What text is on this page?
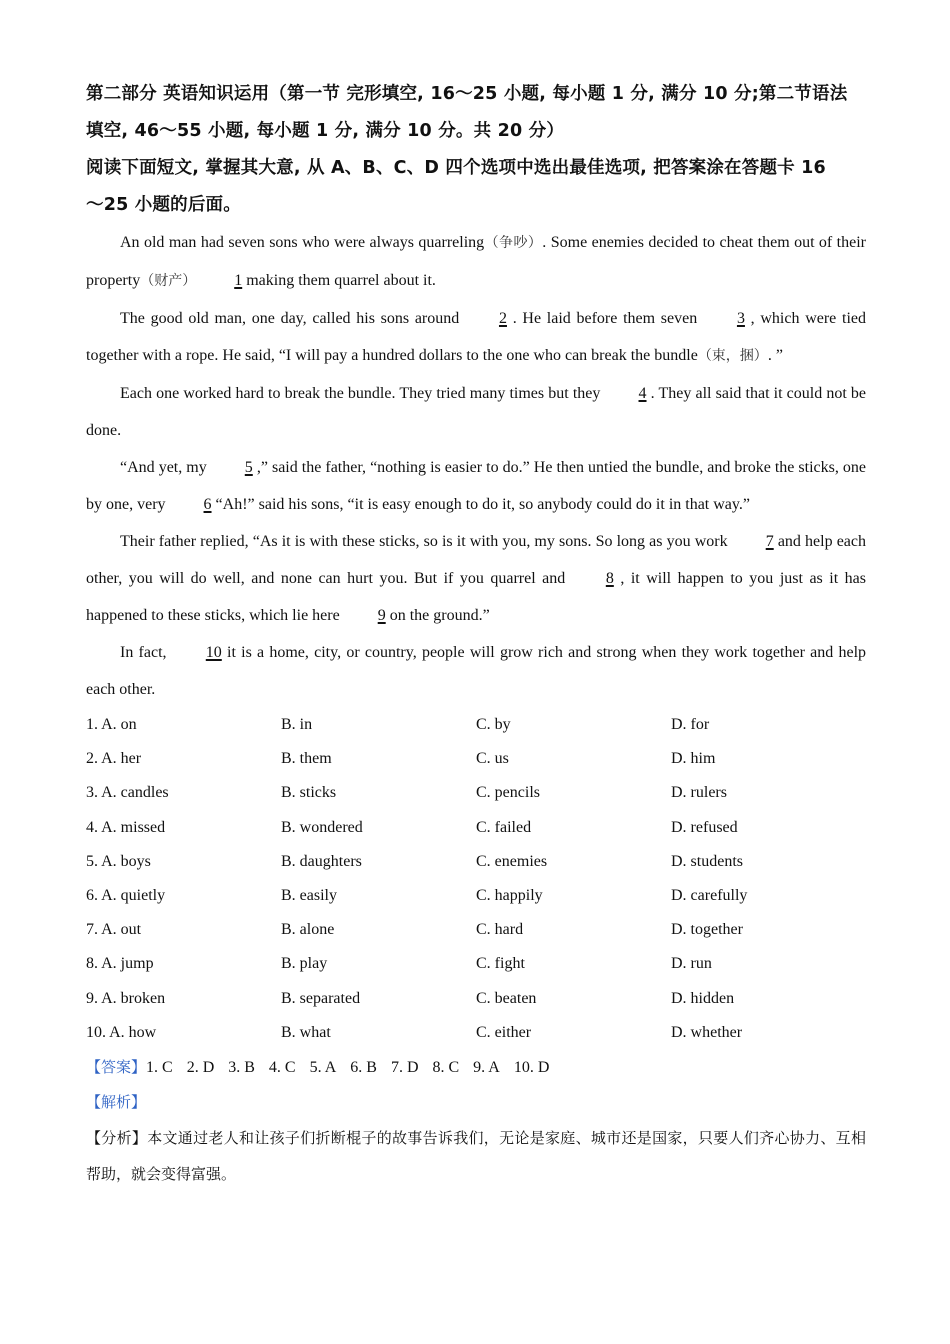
第二部分 英语知识运用（第一节 完形填空, 16～25 小题, 每小题 1 分, 满分 10 分;第二节语法

填空, 46～55 小题, 每小题 1 分, 满分 10 分。共 20 分）

阅读下面短文, 掌握其大意, 从 A、B、C、D 四个选项中选出最佳选项, 把答案涂在答题卡 16

～25 小题的后面。

An old man had seven sons who were always quarreling（争吵）. Some enemies decided to cheat them out of their property（财产） 1 making them quarrel about it.

The good old man, one day, called his sons around 2 . He laid before them seven 3 , which were tied together with a rope. He said, “I will pay a hundred dollars to the one who can break the bundle（束，捆）. ”

Each one worked hard to break the bundle. They tried many times but they 4 . They all said that it could not be done.

“And yet, my 5 ,” said the father, “nothing is easier to do.” He then untied the bundle, and broke the sticks, one by one, very 6 “Ah!” said his sons, “it is easy enough to do it, so anybody could do it in that way.”

Their father replied, “As it is with these sticks, so is it with you, my sons. So long as you work 7 and help each other, you will do well, and none can hurt you. But if you quarrel and	8 , it will happen to you just as it has happened to these sticks, which lie here 9 on the ground.”

In fact, 10 it is a home, city, or country, people will grow rich and strong when they work together and help each other.

1. A. on	B. in	C. by	D. for
2. A. her	B. them	C. us	D. him
3. A. candles	B. sticks	C. pencils	D. rulers
4. A. missed	B. wondered	C. failed	D. refused
5. A. boys	B. daughters	C. enemies	D. students
6. A. quietly	B. easily	C. happily	D. carefully
7. A. out	B. alone	C. hard	D. together
8. A. jump	B. play	C. fight	D. run
9. A. broken	B. separated	C. beaten	D. hidden
10. A. how	B. what	C. either	D. whether

【答案】1. C 2. D 3. B 4. C 5. A 6. B 7. D 8. C 9. A 10. D

【解析】

【分析】本文通过老人和让孩子们折断棍子的故事告诉我们，无论是家庭、城市还是国家，只要人们齐心协力、互相帮助，就会变得富强。
